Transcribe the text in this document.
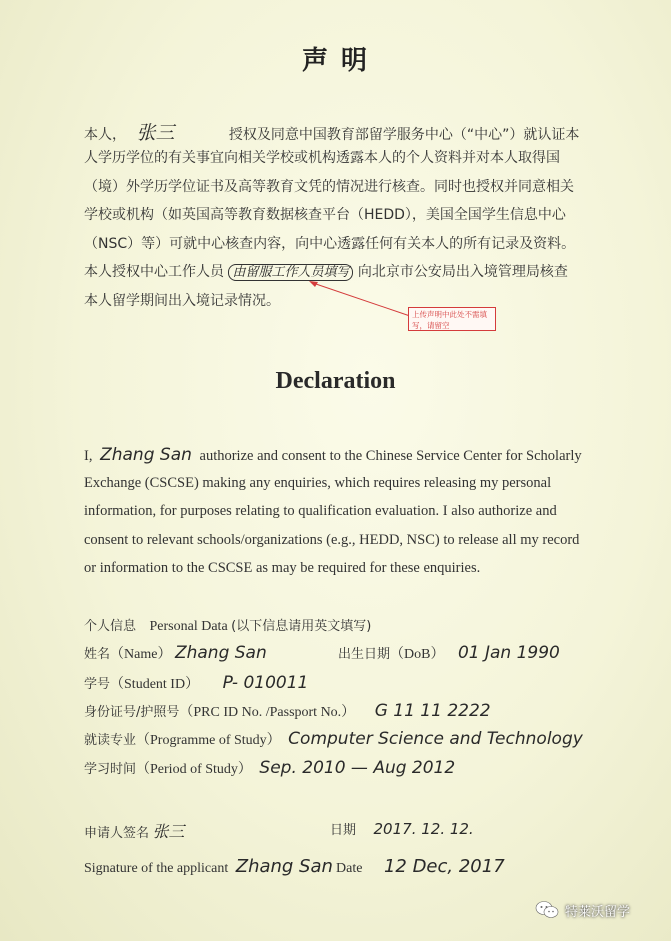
声 明
本人， 张三	授权及同意中国教育部留学服务中心（“中心”）就认证本
人学历学位的有关事宜向相关学校或机构透露本人的个人资料并对本人取得国
（境）外学历学位证书及高等教育文凭的情况进行核查。同时也授权并同意相关
学校或机构（如英国高等教育数据核查平台（HEDD），美国全国学生信息中心
（NSC）等）可就中心核查内容，向中心透露任何有关本人的所有记录及资料。
本人授权中心工作人员 由留服工作人员填写 向北京市公安局出入境管理局核查
本人留学期间出入境记录情况。
上传声明中此处不需填写，请留空
Declaration
I, Zhang San authorize and consent to the Chinese Service Center for Scholarly
Exchange (CSCSE) making any enquiries, which requires releasing my personal
information, for purposes relating to qualification evaluation. I also authorize and
consent to relevant schools/organizations (e.g., HEDD, NSC) to release all my record
or information to the CSCSE as may be required for these enquiries.
个人信息 Personal Data (以下信息请用英文填写)
姓名（Name） Zhang San	出生日期（DoB） 01 Jan 1990
学号（Student ID） P- 010011
身份证号/护照号（PRC ID No. /Passport No.） G 11 11 2222
就读专业（Programme of Study） Computer Science and Technology
学习时间（Period of Study） Sep. 2010 — Aug 2012
申请人签名 张三	日期 2017. 12. 12.
Signature of the applicant Zhang San Date 12 Dec, 2017
特莱沃留学
